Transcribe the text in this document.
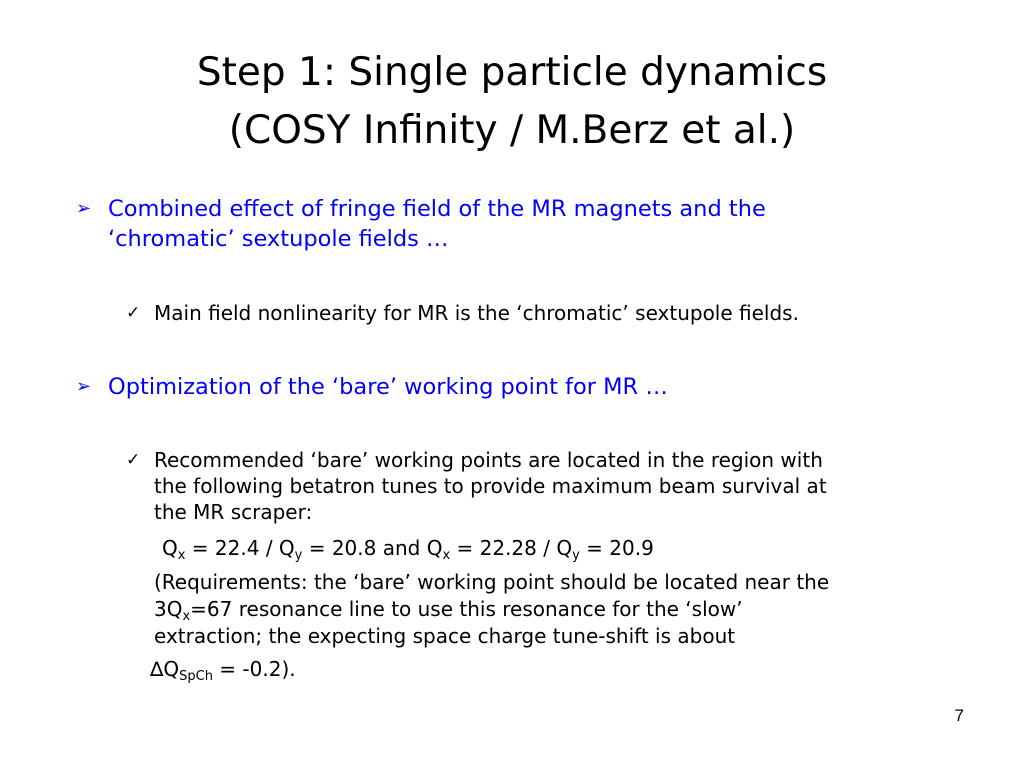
Step 1: Single particle dynamics
(COSY Infinity / M.Berz et al.)
➢ Combined effect of fringe field of the MR magnets and the
‘chromatic’ sextupole fields …
✓ Main field nonlinearity for MR is the ‘chromatic’ sextupole fields.
➢ Optimization of the ‘bare’ working point for MR …
✓ Recommended ‘bare’ working points are located in the region with
the following betatron tunes to provide maximum beam survival at
the MR scraper:
$Q_x = 22.4 / Q_y = 20.8$ and $Q_x = 22.28 / Q_y = 20.9$
(Requirements: the ‘bare’ working point should be located near the
$3Q_x=67$ resonance line to use this resonance for the ‘slow’
extraction; the expecting space charge tune-shift is about
$\Delta Q_{SpCh} = -0.2$).
7
